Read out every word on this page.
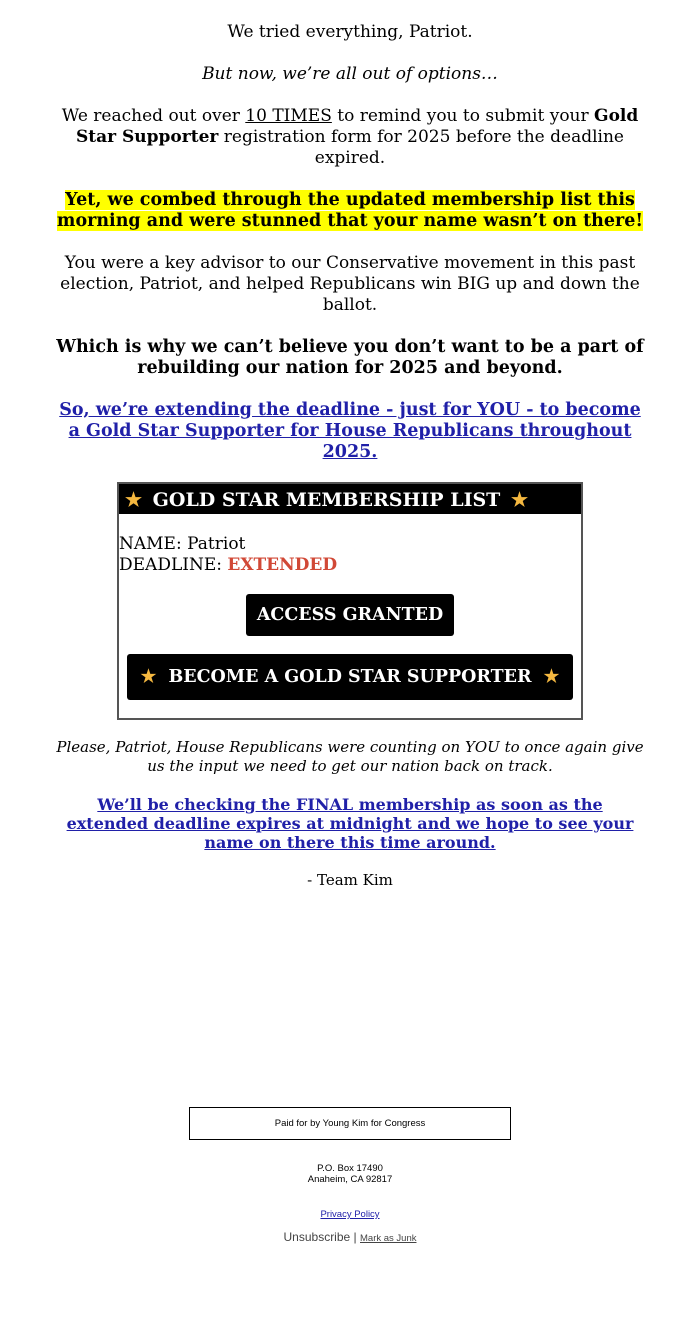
We tried everything, Patriot.

But now, we’re all out of options…

We reached out over 10 TIMES to remind you to submit your Gold Star Supporter registration form for 2025 before the deadline expired.

Yet, we combed through the updated membership list this morning and were stunned that your name wasn’t on there!

You were a key advisor to our Conservative movement in this past election, Patriot, and helped Republicans win BIG up and down the ballot.

Which is why we can’t believe you don’t want to be a part of rebuilding our nation for 2025 and beyond.

So, we’re extending the deadline - just for YOU - to become a Gold Star Supporter for House Republicans throughout 2025.

★ GOLD STAR MEMBERSHIP LIST ★
NAME: Patriot
DEADLINE: EXTENDED
ACCESS GRANTED
★ BECOME A GOLD STAR SUPPORTER ★

Please, Patriot, House Republicans were counting on YOU to once again give us the input we need to get our nation back on track.

We’ll be checking the FINAL membership as soon as the extended deadline expires at midnight and we hope to see your name on there this time around.

- Team Kim

Paid for by Young Kim for Congress
P.O. Box 17490
Anaheim, CA 92817
Privacy Policy
Unsubscribe | Mark as Junk
